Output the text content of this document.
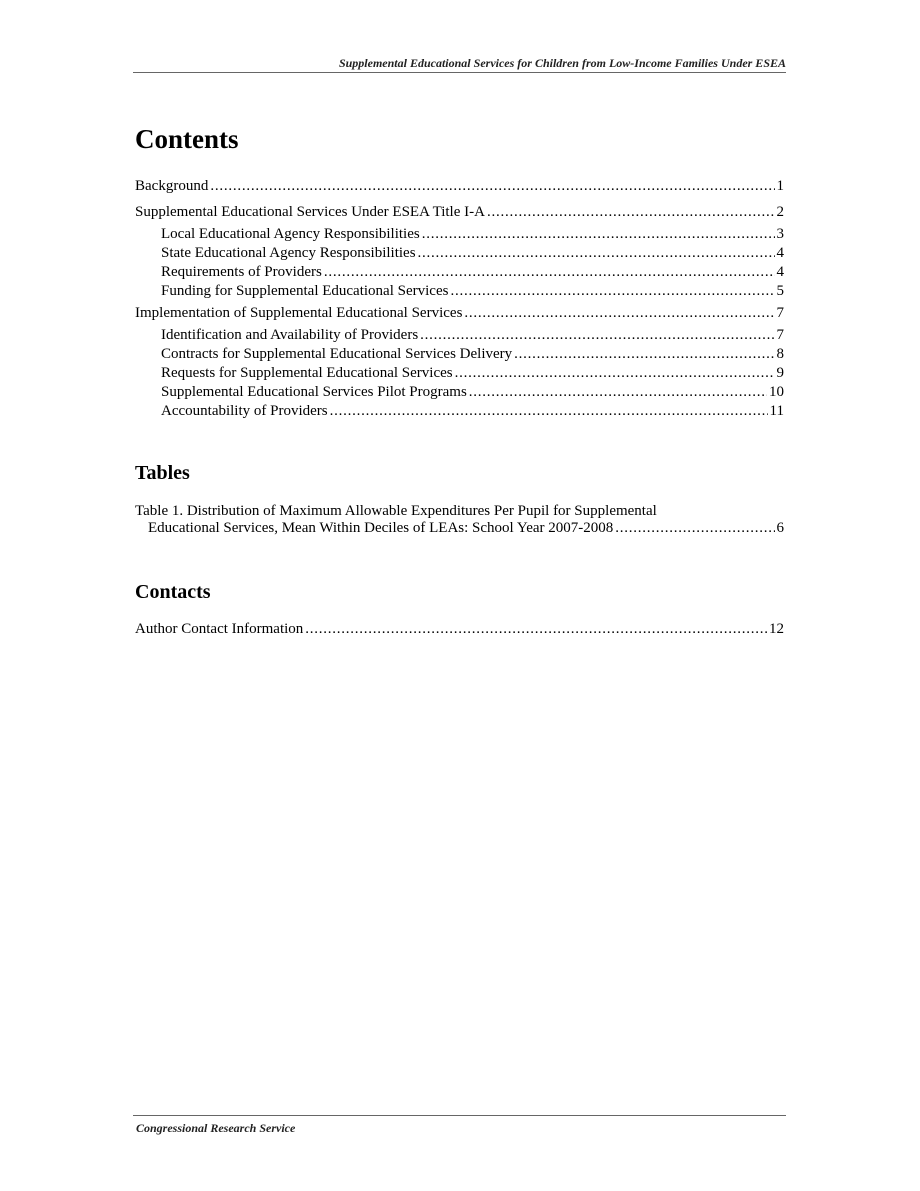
Supplemental Educational Services for Children from Low-Income Families Under ESEA
Contents
Background . . .	1
Supplemental Educational Services Under ESEA Title I-A . . .	2
Local Educational Agency Responsibilities . . .	3
State Educational Agency Responsibilities . . .	4
Requirements of Providers . . .	4
Funding for Supplemental Educational Services . . .	5
Implementation of Supplemental Educational Services . . .	7
Identification and Availability of Providers . . .	7
Contracts for Supplemental Educational Services Delivery . . .	8
Requests for Supplemental Educational Services . . .	9
Supplemental Educational Services Pilot Programs . . .	10
Accountability of Providers . . .	11
Tables
Table 1. Distribution of Maximum Allowable Expenditures Per Pupil for Supplemental
Educational Services, Mean Within Deciles of LEAs: School Year 2007-2008 . . .	6
Contacts
Author Contact Information . . .	12
Congressional Research Service
